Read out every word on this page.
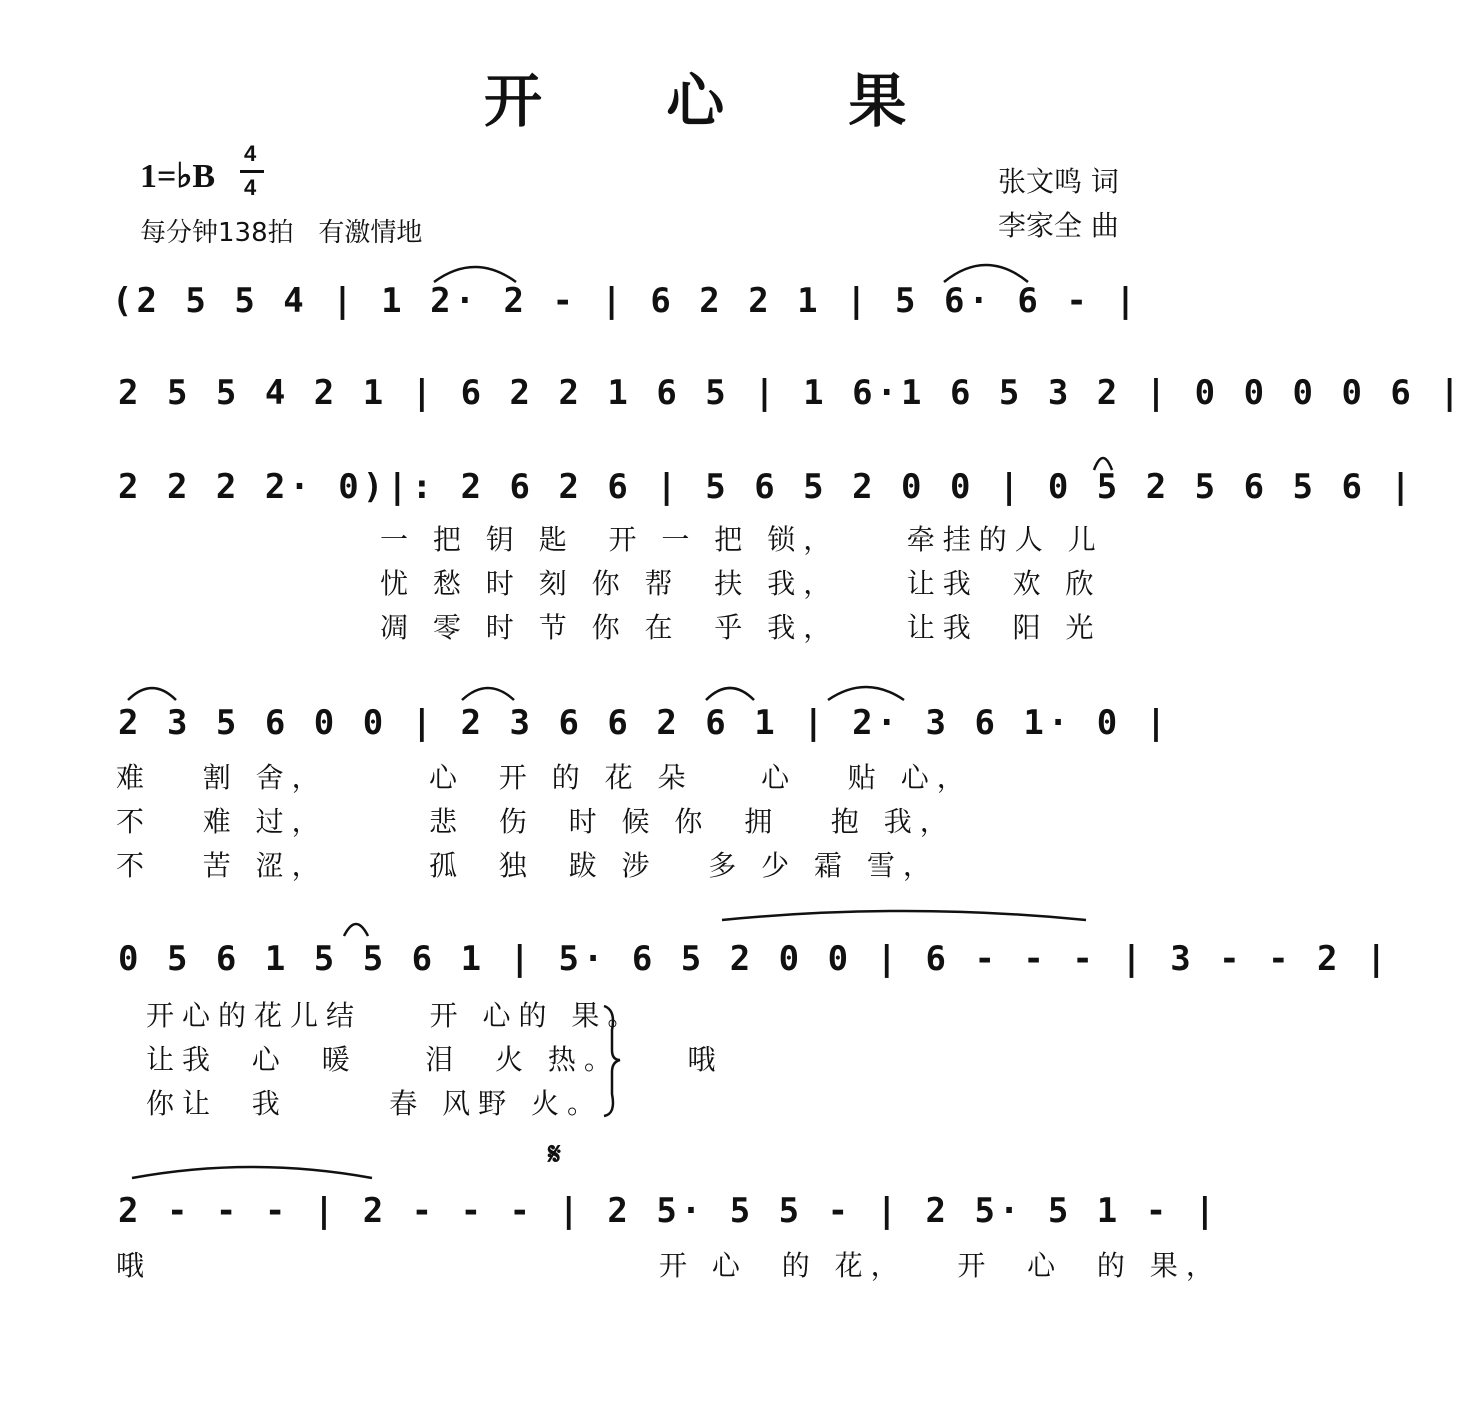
开 心 果
1=♭B
4
4
每分钟138拍   有激情地
张文鸣 词
李家全 曲
(2 5 5 4 | 1 2· 2 - | 6 2 2 1 | 5 6· 6 - |
2 5 5 4 2 1 | 6 2 2 1 6 5 | 1 6·1 6 5 3 2 | 0 0 0 0 6 |
2 2 2 2· 0)|: 2 6 2 6 | 5 6 5 2 0 0 | 0 5 2 5 6 5 6 |
一 把 钥 匙  开 一 把 锁，    牵挂的人 儿
忧 愁 时 刻 你 帮  扶 我，    让我  欢 欣
凋 零 时 节 你 在  乎 我，    让我  阳 光
2 3 5 6 0 0 | 2 3 6 6 2 6 1 | 2· 3 6 1· 0 |
难   割 舍，      心  开 的 花 朵    心   贴 心，
不   难 过，      悲  伤  时 候 你  拥   抱 我，
不   苦 涩，      孤  独  跋 涉   多 少 霜 雪，
0 5 6 1 5 5 6 1 | 5· 6 5 2 0 0 | 6 - - - | 3 - - 2 |
开心的花儿结    开 心的 果。
让我  心  暖    泪  火 热。    哦
你让  我      春 风野 火。
𝄋
2 - - - | 2 - - - | 2 5· 5 5 - | 2 5· 5 1 - |
哦                              开 心  的 花，   开  心  的 果，
